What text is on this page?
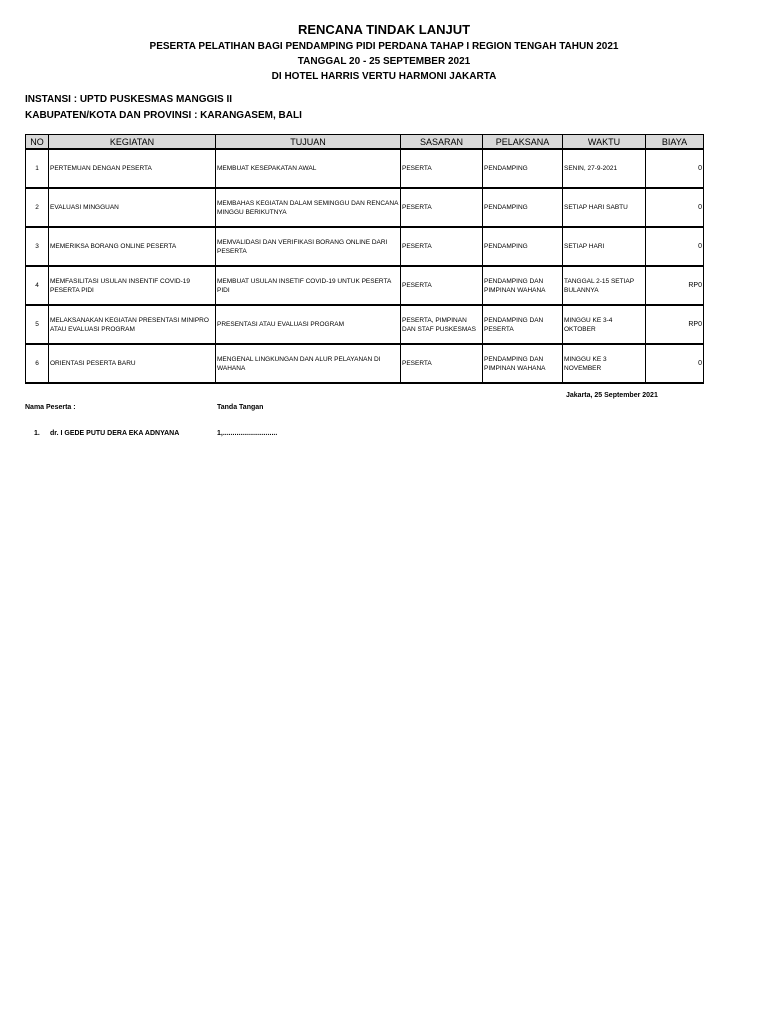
RENCANA TINDAK LANJUT
PESERTA PELATIHAN BAGI PENDAMPING PIDI PERDANA TAHAP I REGION TENGAH TAHUN 2021
TANGGAL 20 - 25 SEPTEMBER 2021
DI HOTEL HARRIS VERTU HARMONI JAKARTA
INSTANSI : UPTD PUSKESMAS MANGGIS II
KABUPATEN/KOTA DAN PROVINSI : KARANGASEM, BALI
NO	KEGIATAN	TUJUAN	SASARAN	PELAKSANA	WAKTU	BIAYA
1	PERTEMUAN DENGAN PESERTA	MEMBUAT KESEPAKATAN AWAL	PESERTA	PENDAMPING	SENIN, 27-9-2021	0
2	EVALUASI MINGGUAN	MEMBAHAS KEGIATAN DALAM SEMINGGU DAN RENCANA MINGGU BERIKUTNYA	PESERTA	PENDAMPING	SETIAP HARI SABTU	0
3	MEMERIKSA BORANG ONLINE PESERTA	MEMVALIDASI DAN VERIFIKASI BORANG ONLINE DARI PESERTA	PESERTA	PENDAMPING	SETIAP HARI	0
4	MEMFASILITASI USULAN INSENTIF COVID-19 PESERTA PIDI	MEMBUAT USULAN INSETIF COVID-19 UNTUK PESERTA PIDI	PESERTA	PENDAMPING DAN PIMPINAN WAHANA	TANGGAL 2-15 SETIAP BULANNYA	RP0
5	MELAKSANAKAN KEGIATAN PRESENTASI MINIPRO ATAU EVALUASI PROGRAM	PRESENTASI ATAU EVALUASI PROGRAM	PESERTA, PIMPINAN DAN STAF PUSKESMAS	PENDAMPING DAN PESERTA	MINGGU KE 3-4 OKTOBER	RP0
6	ORIENTASI PESERTA BARU	MENGENAL LINGKUNGAN DAN ALUR PELAYANAN DI WAHANA	PESERTA	PENDAMPING DAN PIMPINAN WAHANA	MINGGU KE 3 NOVEMBER	0
Jakarta, 25 September 2021
Nama Peserta :	Tanda Tangan
1. dr. I GEDE PUTU DERA EKA ADNYANA	1,............................
